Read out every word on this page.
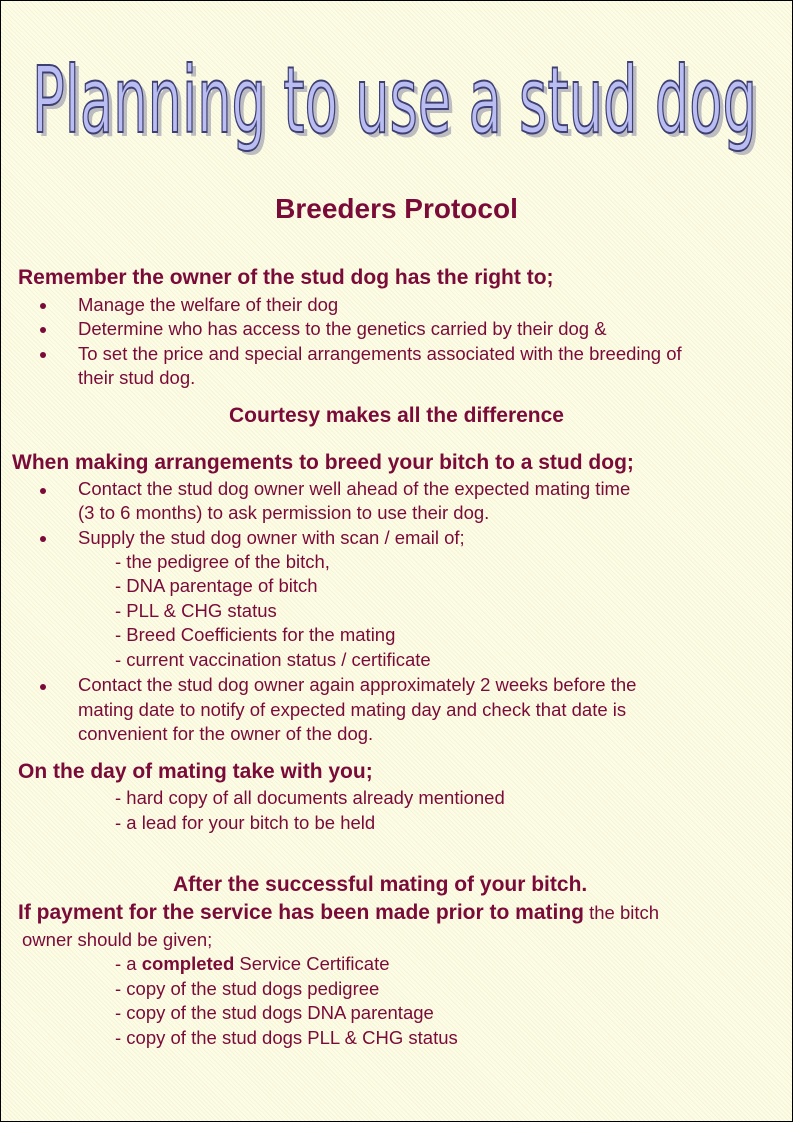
Planning to use a stud dog
Planning to use a stud dog
Breeders Protocol
Remember the owner of the stud dog has the right to;
Manage the welfare of their dog
Determine who has access to the genetics carried by their dog &
To set the price and special arrangements associated with the breeding of
their stud dog.
Courtesy makes all the difference
When making arrangements to breed your bitch to a stud dog;
Contact the stud dog owner well ahead of the expected mating time
(3 to 6 months) to ask permission to use their dog.
Supply the stud dog owner with scan / email of;
- the pedigree of the bitch,
- DNA parentage of bitch
- PLL & CHG status
- Breed Coefficients for the mating
- current vaccination status / certificate
Contact the stud dog owner again approximately 2 weeks before the
mating date to notify of expected mating day and check that date is
convenient for the owner of the dog.
On the day of mating take with you;
- hard copy of all documents already mentioned
- a lead for your bitch to be held
After the successful mating of your bitch.
If payment for the service has been made prior to mating the bitch
owner should be given;
- a completed Service Certificate
- copy of the stud dogs pedigree
- copy of the stud dogs DNA parentage
- copy of the stud dogs PLL & CHG status
